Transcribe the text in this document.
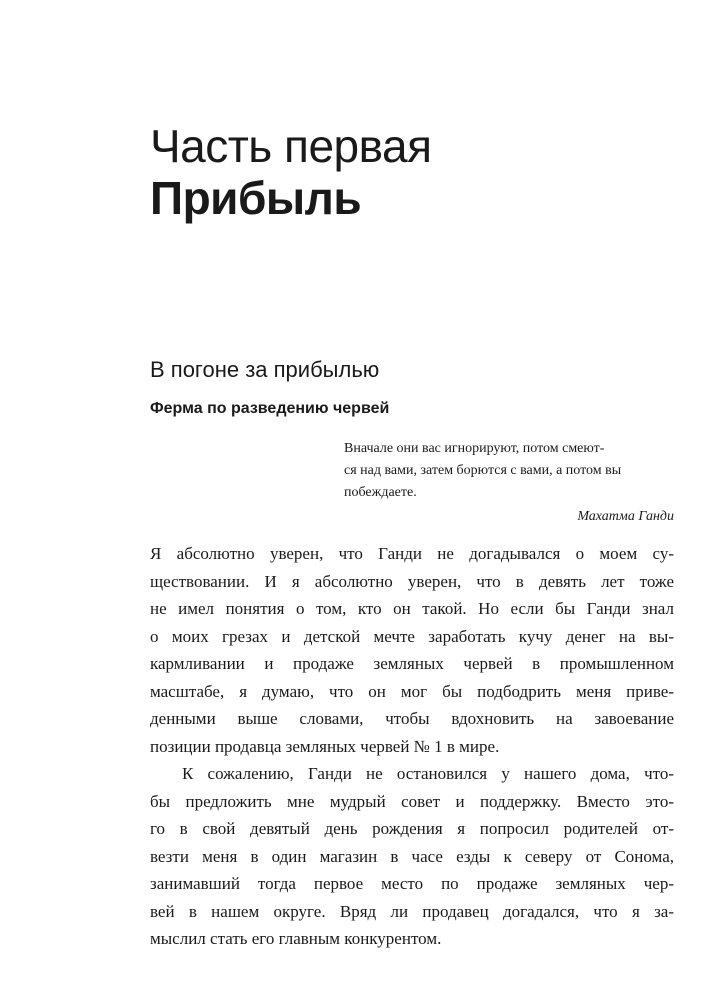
Часть первая
Прибыль
В погоне за прибылью
Ферма по разведению червей
Вначале они вас игнорируют, потом смеют-
ся над вами, затем борются с вами, а потом вы
побеждаете.
Махатма Ганди
Я абсолютно уверен, что Ганди не догадывался о моем су-
ществовании. И я абсолютно уверен, что в девять лет тоже
не имел понятия о том, кто он такой. Но если бы Ганди знал
о моих грезах и детской мечте заработать кучу денег на вы-
кармливании и продаже земляных червей в промышленном
масштабе, я думаю, что он мог бы подбодрить меня приве-
денными выше словами, чтобы вдохновить на завоевание
позиции продавца земляных червей № 1 в мире.
К сожалению, Ганди не остановился у нашего дома, что-
бы предложить мне мудрый совет и поддержку. Вместо это-
го в свой девятый день рождения я попросил родителей от-
везти меня в один магазин в часе езды к северу от Сонома,
занимавший тогда первое место по продаже земляных чер-
вей в нашем округе. Вряд ли продавец догадался, что я за-
мыслил стать его главным конкурентом.
